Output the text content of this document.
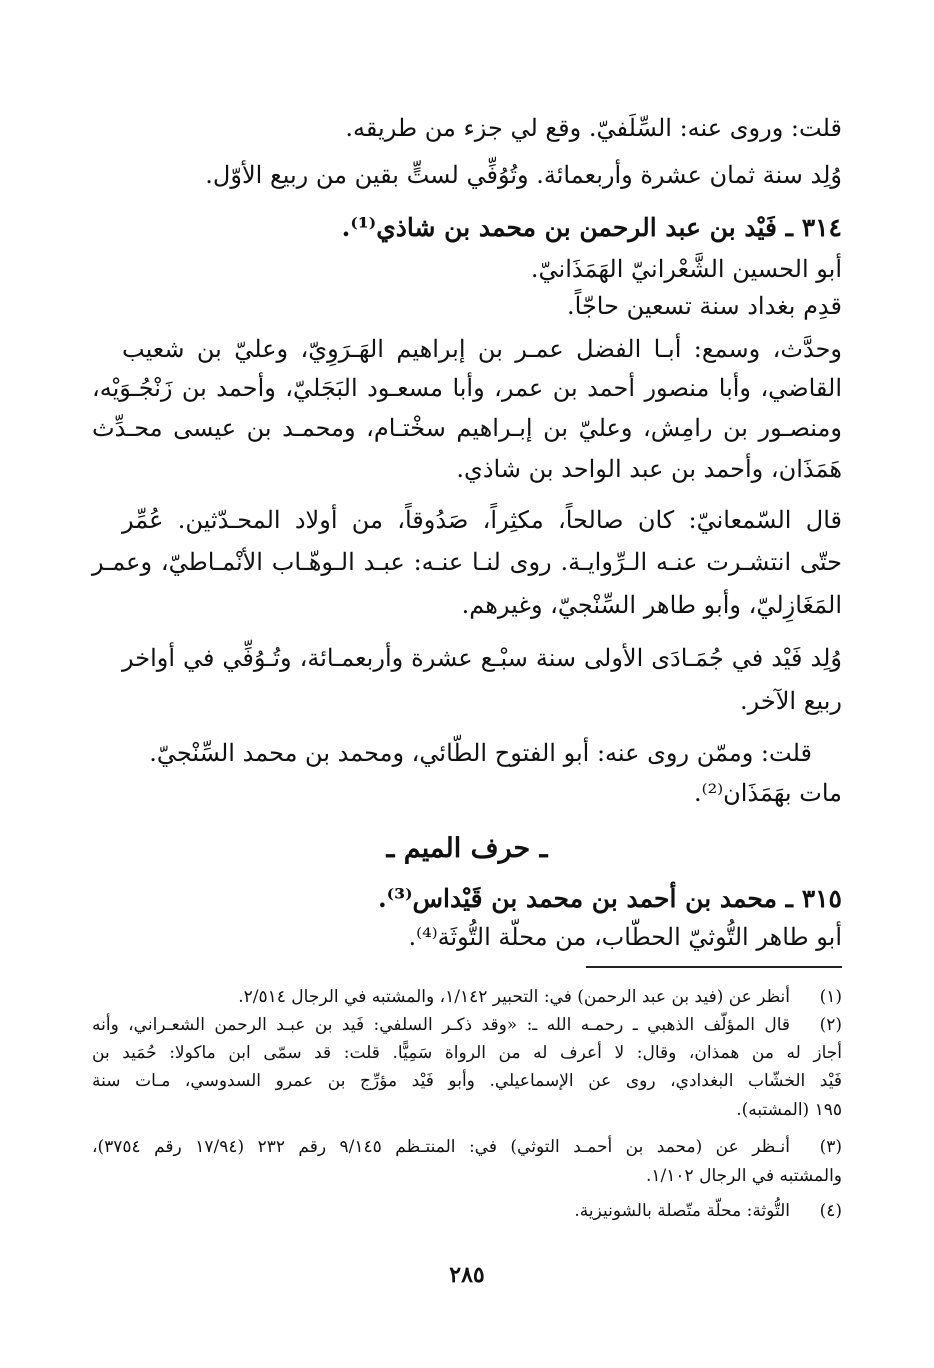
قلت: وروى عنه: السِّلَفيّ. وقع لي جزء من طريقه.
وُلِد سنة ثمان عشرة وأربعمائة. وتُوُفِّي لستٍّ بقين من ربيع الأوّل.
٣١٤ ـ فَيْد بن عبد الرحمن بن محمد بن شاذي⁽¹⁾.
أبو الحسين الشَّعْرانيّ الهَمَذَانيّ.
قدِم بغداد سنة تسعين حاجّاً.
وحدَّث، وسمع: أبـا الفضل عمـر بن إبراهيم الهَـرَوِيّ، وعليّ بن شعيب
القاضي، وأبا منصور أحمد بن عمر، وأبا مسعـود البَجَليّ، وأحمد بن زَنْجُـوَيْه،
ومنصـور بن رامِش، وعليّ بن إبـراهيم سخْتـام، ومحمـد بن عيسى محـدِّث
هَمَذَان، وأحمد بن عبد الواحد بن شاذي.
قال السّمعانيّ: كان صالحاً، مكثِراً، صَدُوقاً، من أولاد المحـدّثين. عُمِّر
حتّى انتشـرت عنـه الـرِّوايـة. روى لنـا عنـه: عبـد الـوهّـاب الأنْمـاطيّ، وعمـر
المَغَازِليّ، وأبو طاهر السِّنْجيّ، وغيرهم.
وُلِد فَيْد في جُمَـادَى الأولى سنة سبْـع عشرة وأربعمـائة، وتُـوُفِّي في أواخر
ربيع الآخر.
قلت: وممّن روى عنه: أبو الفتوح الطّائي، ومحمد بن محمد السِّنْجيّ.
مات بهَمَذَان⁽²⁾.
ـ حرف الميم ـ
٣١٥ ـ محمد بن أحمد بن محمد بن قَيْداس⁽³⁾.
أبو طاهر التُّوثيّ الحطّاب، من محلّة التُّوثَة⁽⁴⁾.
(١)
أنظر عن (فيد بن عبد الرحمن) في: التحبير ١/١٤٢، والمشتبه في الرجال ٢/٥١٤.
(٢)
قال المؤلّف الذهبي ـ رحمـه الله ـ: «وقد ذكـر السلفي: فَيد بن عبـد الرحمن الشعـراني، وأنه
أجاز له من همذان، وقال: لا أعرف له من الرواة سَمِيًّا. قلت: قد سمّى ابن ماكولا: حُمَيد بن
فَيْد الخشّاب البغدادي، روى عن الإسماعيلي. وأبو فَيْد مؤرِّج بن عمرو السدوسي، مـات سنة
١٩٥ (المشتبه).
(٣)
أنـظر عن (محمد بن أحمـد التوثي) في: المنتـظم ٩/١٤٥ رقم ٢٣٢ (١٧/٩٤ رقم ٣٧٥٤)،
والمشتبه في الرجال ١/١٠٢.
(٤)
التُّوثة: محلّة متّصلة بالشونيزية.
٢٨٥
